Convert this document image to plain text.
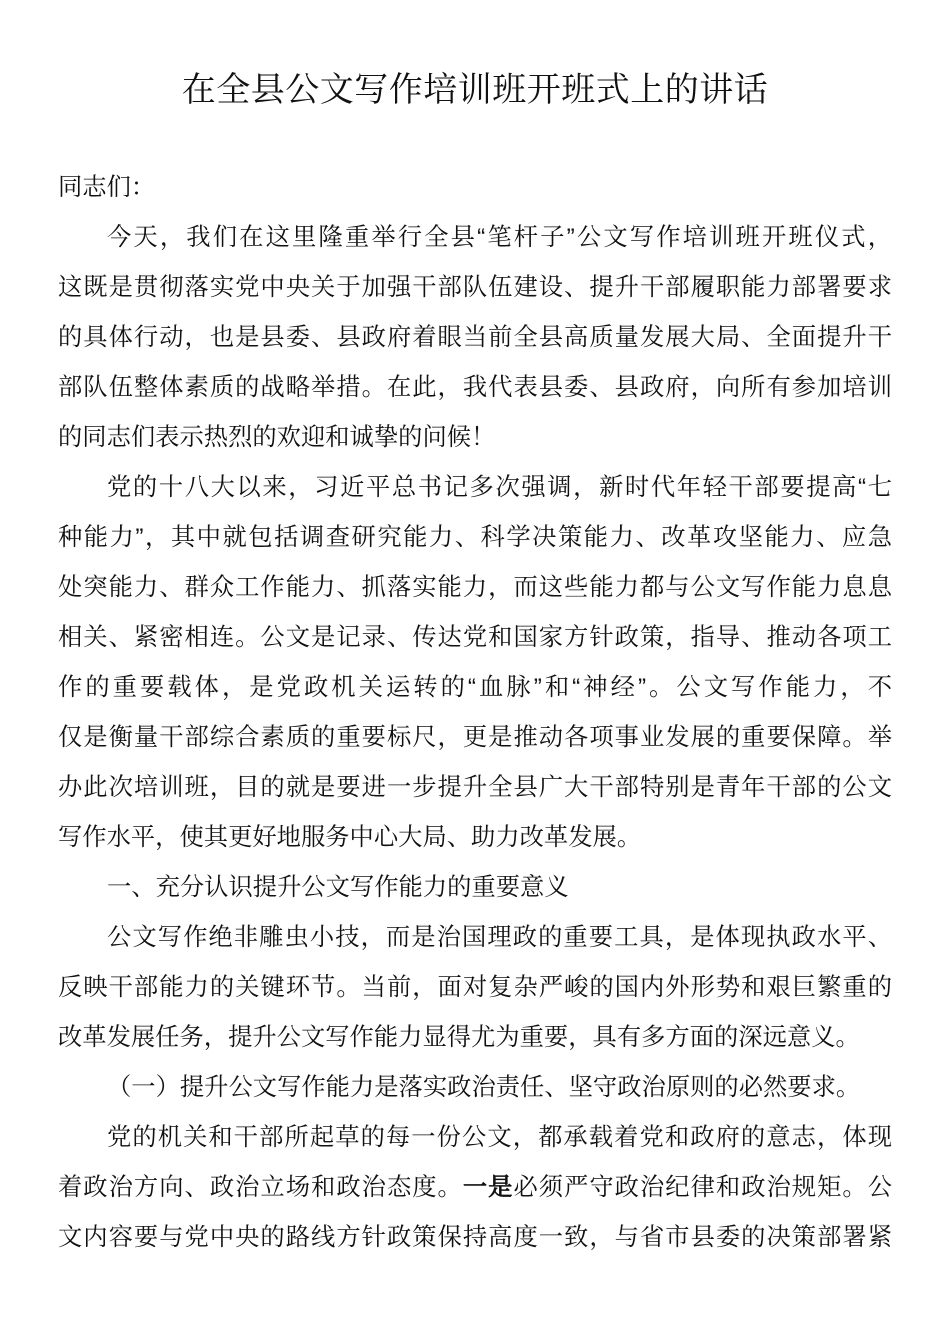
在全县公文写作培训班开班式上的讲话
同志们：
今天，我们在这里隆重举行全县“笔杆子”公文写作培训班开班仪式，
这既是贯彻落实党中央关于加强干部队伍建设、提升干部履职能力部署要求
的具体行动，也是县委、县政府着眼当前全县高质量发展大局、全面提升干
部队伍整体素质的战略举措。在此，我代表县委、县政府，向所有参加培训
的同志们表示热烈的欢迎和诚挚的问候！
党的十八大以来，习近平总书记多次强调，新时代年轻干部要提高“七
种能力”，其中就包括调查研究能力、科学决策能力、改革攻坚能力、应急
处突能力、群众工作能力、抓落实能力，而这些能力都与公文写作能力息息
相关、紧密相连。公文是记录、传达党和国家方针政策，指导、推动各项工
作的重要载体，是党政机关运转的“血脉”和“神经”。公文写作能力，不
仅是衡量干部综合素质的重要标尺，更是推动各项事业发展的重要保障。举
办此次培训班，目的就是要进一步提升全县广大干部特别是青年干部的公文
写作水平，使其更好地服务中心大局、助力改革发展。
一、充分认识提升公文写作能力的重要意义
公文写作绝非雕虫小技，而是治国理政的重要工具，是体现执政水平、
反映干部能力的关键环节。当前，面对复杂严峻的国内外形势和艰巨繁重的
改革发展任务，提升公文写作能力显得尤为重要，具有多方面的深远意义。
（一）提升公文写作能力是落实政治责任、坚守政治原则的必然要求。
党的机关和干部所起草的每一份公文，都承载着党和政府的意志，体现
着政治方向、政治立场和政治态度。一是必须严守政治纪律和政治规矩。公
文内容要与党中央的路线方针政策保持高度一致，与省市县委的决策部署紧
